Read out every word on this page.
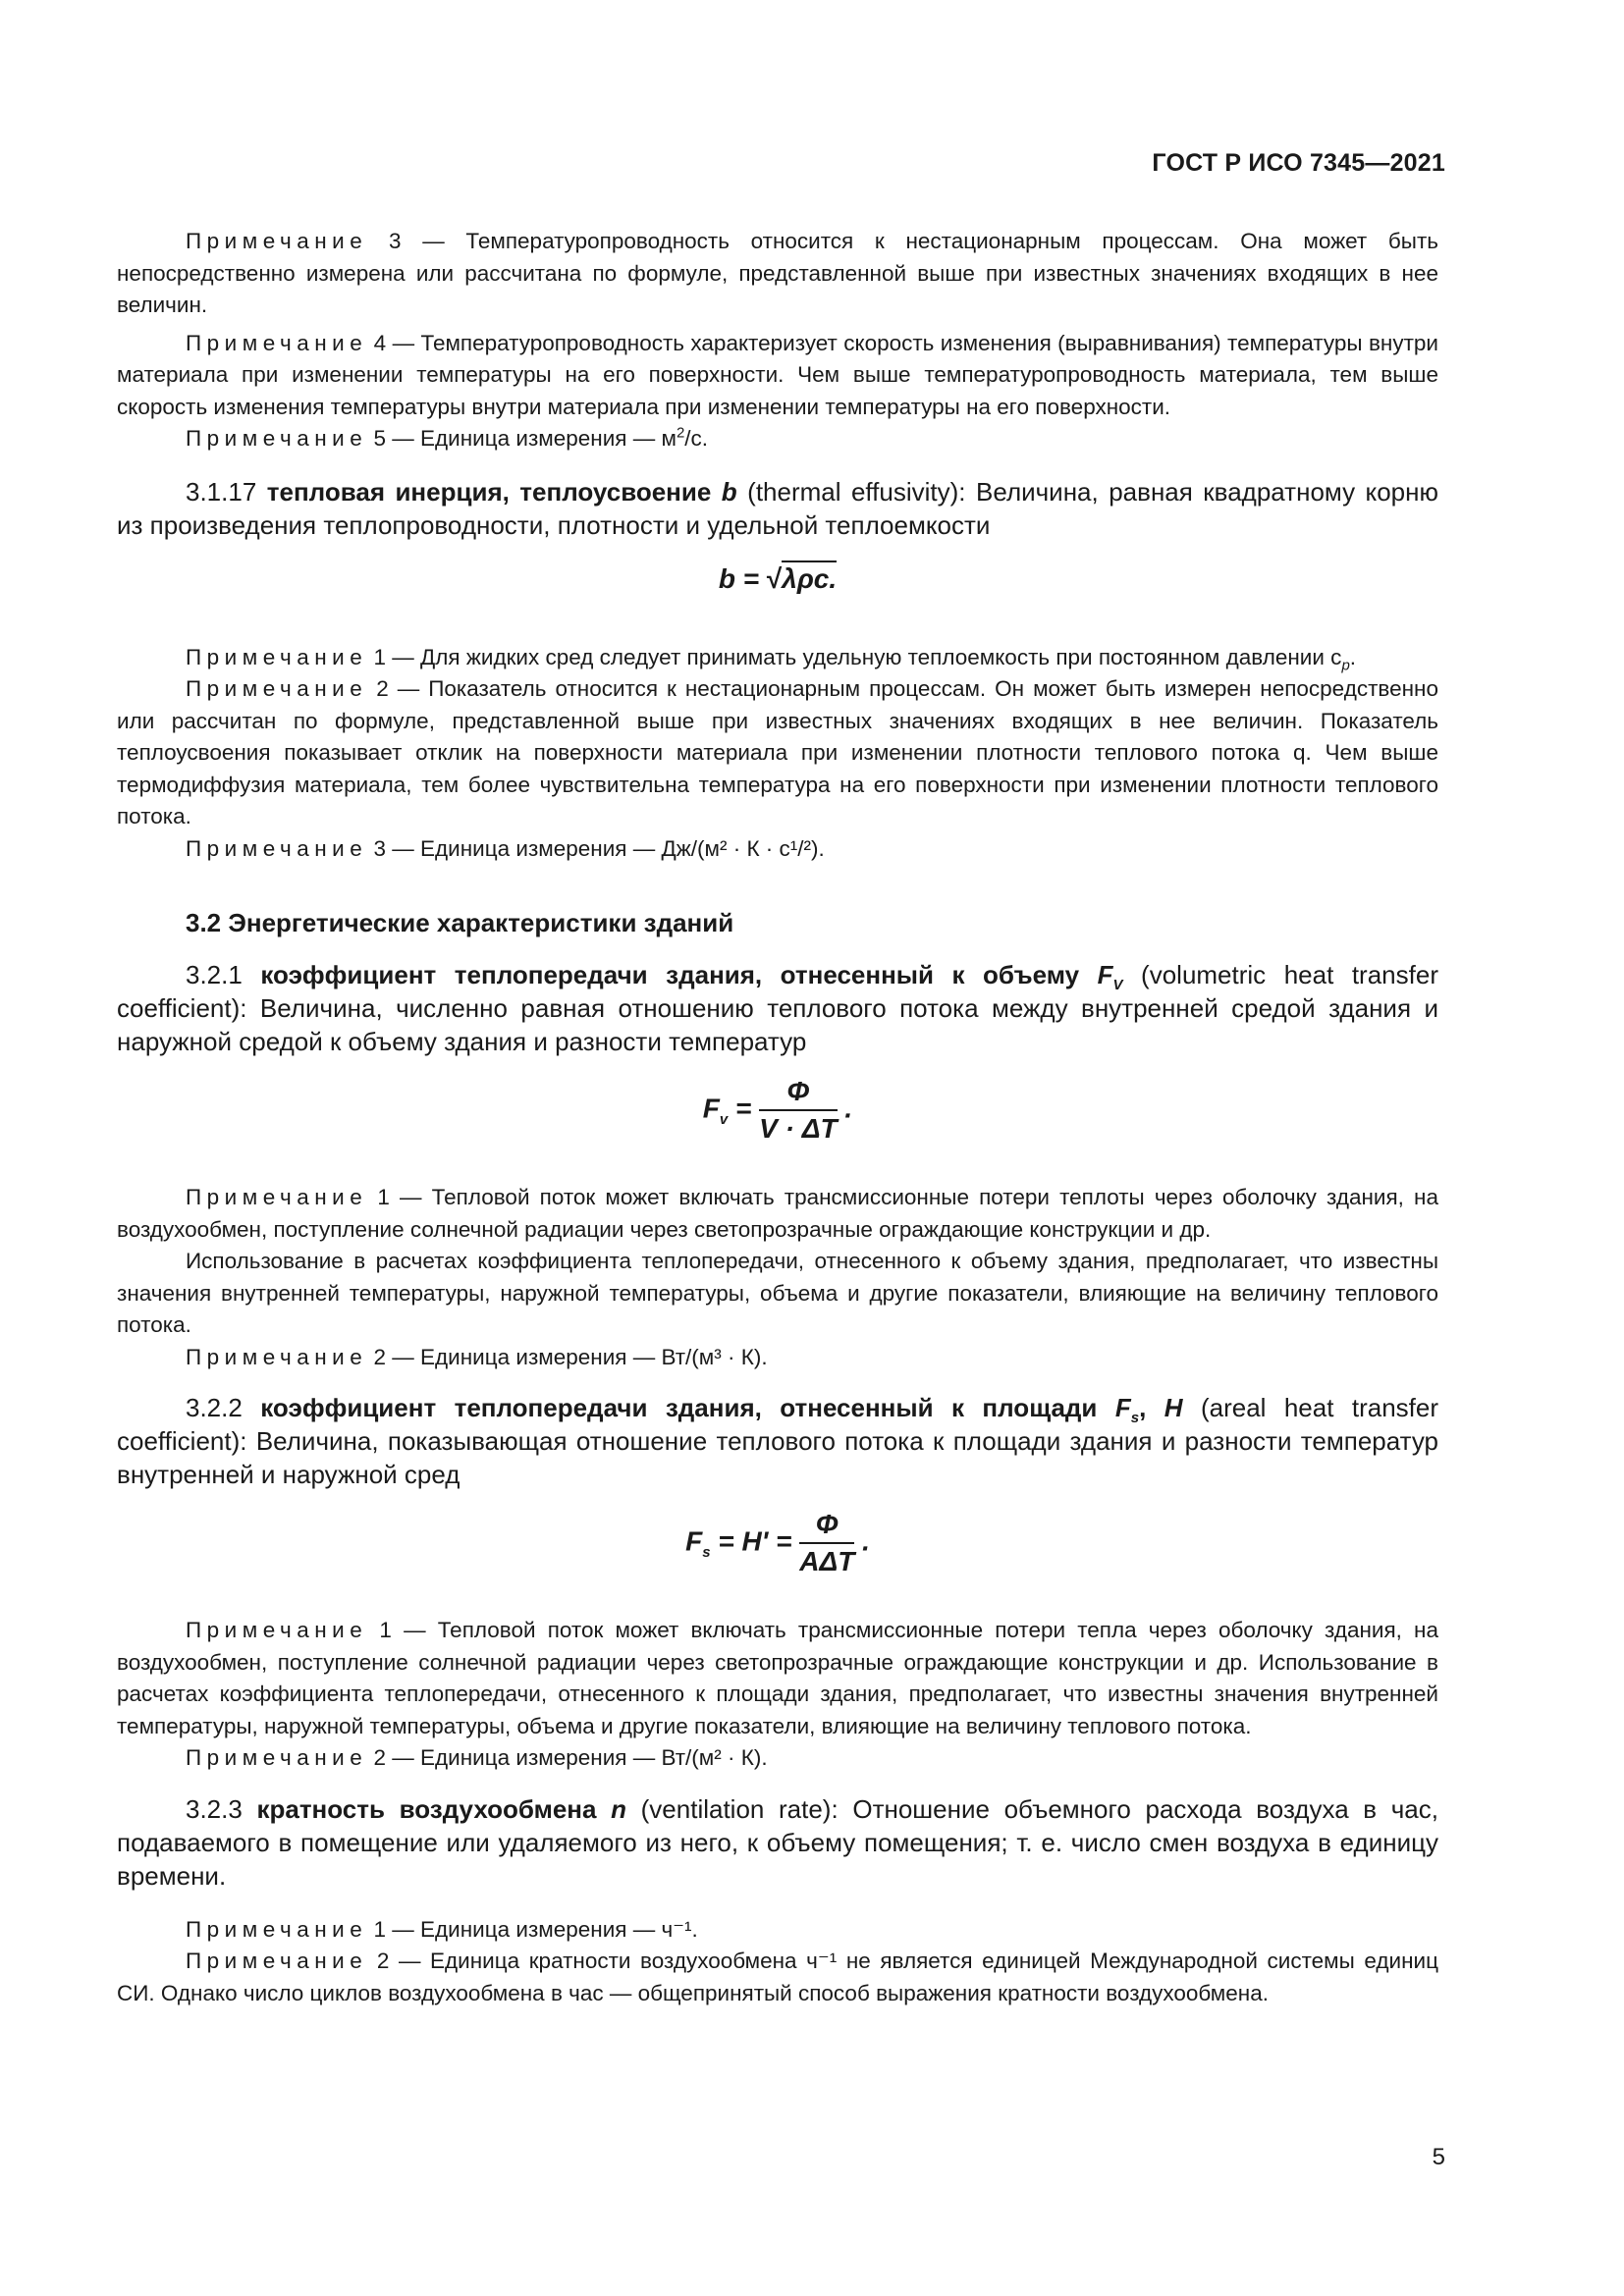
ГОСТ Р ИСО 7345—2021

Примечание 3 — Температуропроводность относится к нестационарным процессам. Она может быть непосредственно измерена или рассчитана по формуле, представленной выше при известных значениях входящих в нее величин.

Примечание 4 — Температуропроводность характеризует скорость изменения (выравнивания) температуры внутри материала при изменении температуры на его поверхности. Чем выше температуропроводность материала, тем выше скорость изменения температуры внутри материала при изменении температуры на его поверхности.

Примечание 5 — Единица измерения — $м^2/с$.

3.1.17 тепловая инерция, теплоусвоение b (thermal effusivity): Величина, равная квадратному корню из произведения теплопроводности, плотности и удельной теплоемкости

b = √λρc.

Примечание 1 — Для жидких сред следует принимать удельную теплоемкость при постоянном давлении $c_p$.

Примечание 2 — Показатель относится к нестационарным процессам. Он может быть измерен непосредственно или рассчитан по формуле, представленной выше при известных значениях входящих в нее величин. Показатель теплоусвоения показывает отклик на поверхности материала при изменении плотности теплового потока q. Чем выше термодиффузия материала, тем более чувствительна температура на его поверхности при изменении плотности теплового потока.

Примечание 3 — Единица измерения — Дж/(м² · К · с¹/²).

3.2 Энергетические характеристики зданий

3.2.1 коэффициент теплопередачи здания, отнесенный к объему $F_V$ (volumetric heat transfer coefficient): Величина, численно равная отношению теплового потока между внутренней средой здания и наружной средой к объему здания и разности температур

$F_v = \frac{\Phi}{V \cdot \Delta T}$ .

Примечание 1 — Тепловой поток может включать трансмиссионные потери теплоты через оболочку здания, на воздухообмен, поступление солнечной радиации через светопрозрачные ограждающие конструкции и др.

Использование в расчетах коэффициента теплопередачи, отнесенного к объему здания, предполагает, что известны значения внутренней температуры, наружной температуры, объема и другие показатели, влияющие на величину теплового потока.

Примечание 2 — Единица измерения — Вт/(м³ · К).

3.2.2 коэффициент теплопередачи здания, отнесенный к площади $F_s$, H (areal heat transfer coefficient): Величина, показывающая отношение теплового потока к площади здания и разности температур внутренней и наружной сред

$F_s = H' = \frac{\Phi}{\text{AΔT}}$ .

Примечание 1 — Тепловой поток может включать трансмиссионные потери тепла через оболочку здания, на воздухообмен, поступление солнечной радиации через светопрозрачные ограждающие конструкции и др. Использование в расчетах коэффициента теплопередачи, отнесенного к площади здания, предполагает, что известны значения внутренней температуры, наружной температуры, объема и другие показатели, влияющие на величину теплового потока.

Примечание 2 — Единица измерения — Вт/(м² · К).

3.2.3 кратность воздухообмена n (ventilation rate): Отношение объемного расхода воздуха в час, подаваемого в помещение или удаляемого из него, к объему помещения; т. е. число смен воздуха в единицу времени.

Примечание 1 — Единица измерения — ч⁻¹.

Примечание 2 — Единица кратности воздухообмена ч⁻¹ не является единицей Международной системы единиц СИ. Однако число циклов воздухообмена в час — общепринятый способ выражения кратности воздухообмена.

5
